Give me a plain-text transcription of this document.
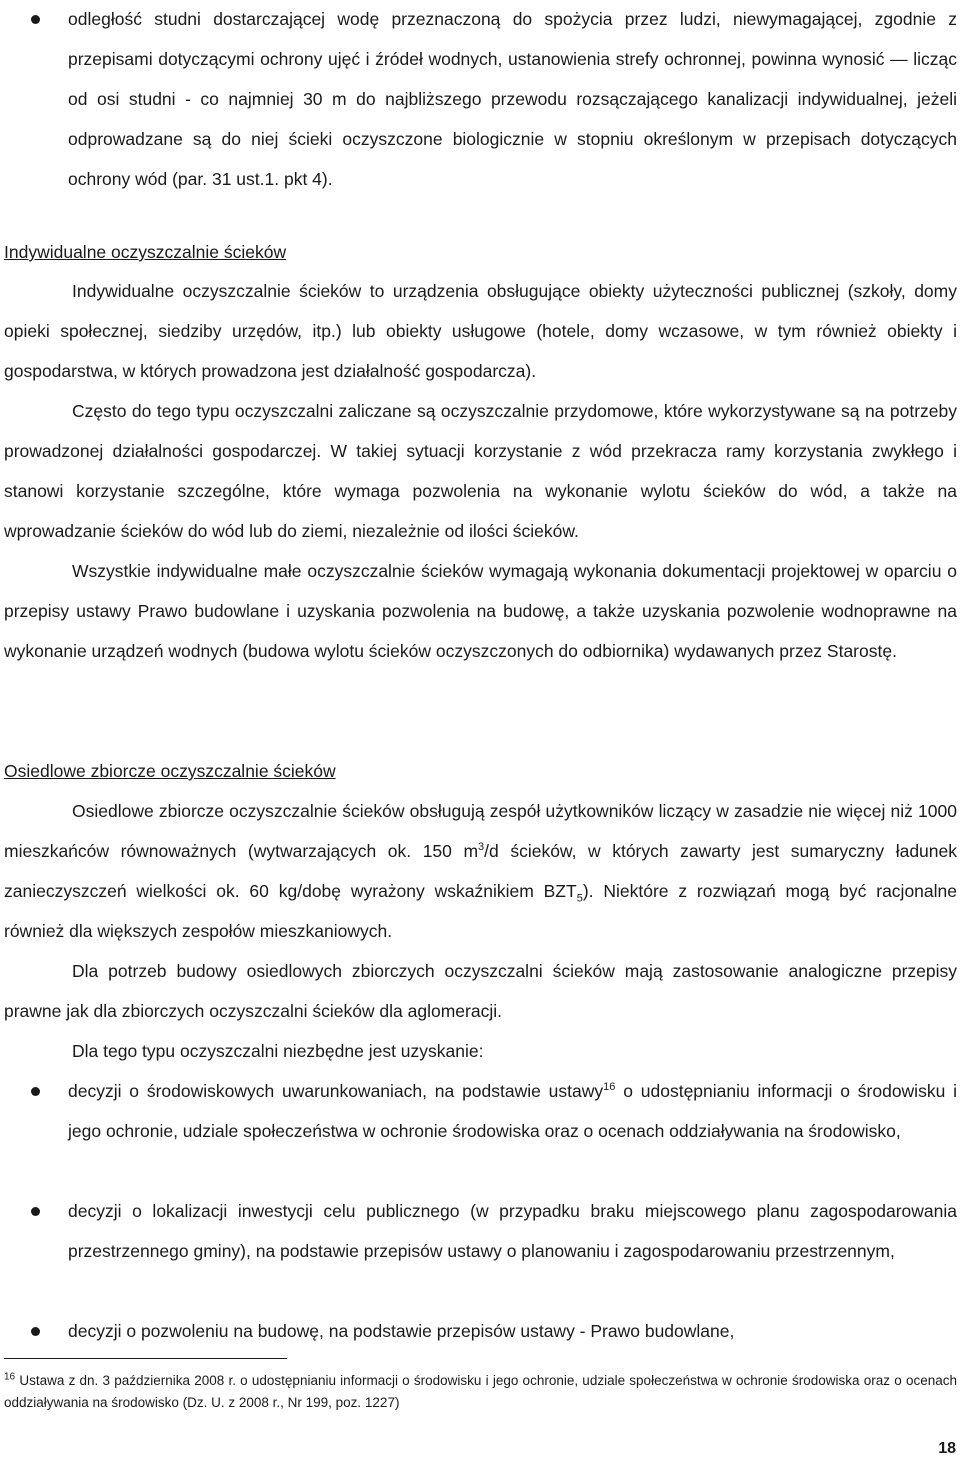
odległość studni dostarczającej wodę przeznaczoną do spożycia przez ludzi, niewymagającej, zgodnie z przepisami dotyczącymi ochrony ujęć i źródeł wodnych, ustanowienia strefy ochronnej, powinna wynosić — licząc od osi studni - co najmniej 30 m do najbliższego przewodu rozsączającego kanalizacji indywidualnej, jeżeli odprowadzane są do niej ścieki oczyszczone biologicznie w stopniu określonym w przepisach dotyczących ochrony wód (par. 31 ust.1. pkt 4).

Indywidualne oczyszczalnie ścieków

Indywidualne oczyszczalnie ścieków to urządzenia obsługujące obiekty użyteczności publicznej (szkoły, domy opieki społecznej, siedziby urzędów, itp.) lub obiekty usługowe (hotele, domy wczasowe, w tym również obiekty i gospodarstwa, w których prowadzona jest działalność gospodarcza).

Często do tego typu oczyszczalni zaliczane są oczyszczalnie przydomowe, które wykorzystywane są na potrzeby prowadzonej działalności gospodarczej. W takiej sytuacji korzystanie z wód przekracza ramy korzystania zwykłego i stanowi korzystanie szczególne, które wymaga pozwolenia na wykonanie wylotu ścieków do wód, a także na wprowadzanie ścieków do wód lub do ziemi, niezależnie od ilości ścieków.

Wszystkie indywidualne małe oczyszczalnie ścieków wymagają wykonania dokumentacji projektowej w oparciu o przepisy ustawy Prawo budowlane i uzyskania pozwolenia na budowę, a także uzyskania pozwolenie wodnoprawne na wykonanie urządzeń wodnych (budowa wylotu ścieków oczyszczonych do odbiornika) wydawanych przez Starostę.

Osiedlowe zbiorcze oczyszczalnie ścieków

Osiedlowe zbiorcze oczyszczalnie ścieków obsługują zespół użytkowników liczący w zasadzie nie więcej niż 1000 mieszkańców równoważnych (wytwarzających ok. 150 $m^3/d$ ścieków, w których zawarty jest sumaryczny ładunek zanieczyszczeń wielkości ok. 60 kg/dobę wyrażony wskaźnikiem $BZT_5$). Niektóre z rozwiązań mogą być racjonalne również dla większych zespołów mieszkaniowych.

Dla potrzeb budowy osiedlowych zbiorczych oczyszczalni ścieków mają zastosowanie analogiczne przepisy prawne jak dla zbiorczych oczyszczalni ścieków dla aglomeracji.

Dla tego typu oczyszczalni niezbędne jest uzyskanie:

decyzji o środowiskowych uwarunkowaniach, na podstawie ustawy$^{16}$ o udostępnianiu informacji o środowisku i jego ochronie, udziale społeczeństwa w ochronie środowiska oraz o ocenach oddziaływania na środowisko,

decyzji o lokalizacji inwestycji celu publicznego (w przypadku braku miejscowego planu zagospodarowania przestrzennego gminy), na podstawie przepisów ustawy o planowaniu i zagospodarowaniu przestrzennym,

decyzji o pozwoleniu na budowę, na podstawie przepisów ustawy - Prawo budowlane,

$^{16}$ Ustawa z dn. 3 października 2008 r. o udostępnianiu informacji o środowisku i jego ochronie, udziale społeczeństwa w ochronie środowiska oraz o ocenach oddziaływania na środowisko (Dz. U. z 2008 r., Nr 199, poz. 1227)

18
